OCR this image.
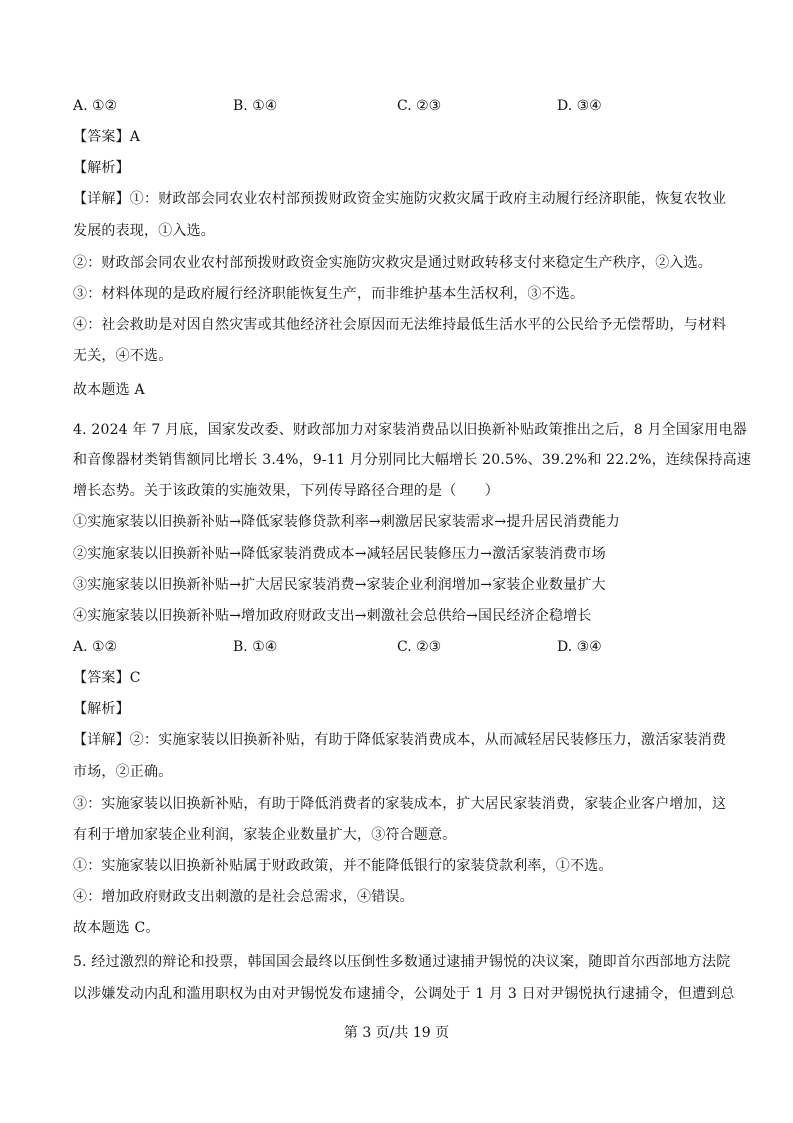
A. ①②	B. ①④	C. ②③	D. ③④
【答案】A
【解析】
【详解】①：财政部会同农业农村部预拨财政资金实施防灾救灾属于政府主动履行经济职能，恢复农牧业
发展的表现，①入选。
②：财政部会同农业农村部预拨财政资金实施防灾救灾是通过财政转移支付来稳定生产秩序，②入选。
③：材料体现的是政府履行经济职能恢复生产，而非维护基本生活权利，③不选。
④：社会救助是对因自然灾害或其他经济社会原因而无法维持最低生活水平的公民给予无偿帮助，与材料
无关，④不选。
故本题选 A
4. 2024 年 7 月底，国家发改委、财政部加力对家装消费品以旧换新补贴政策推出之后，8 月全国家用电器
和音像器材类销售额同比增长 3.4%，9-11 月分别同比大幅增长 20.5%、39.2%和 22.2%，连续保持高速
增长态势。关于该政策的实施效果，下列传导路径合理的是（　　）
①实施家装以旧换新补贴→降低家装修贷款利率→刺激居民家装需求→提升居民消费能力
②实施家装以旧换新补贴→降低家装消费成本→减轻居民装修压力→激活家装消费市场
③实施家装以旧换新补贴→扩大居民家装消费→家装企业利润增加→家装企业数量扩大
④实施家装以旧换新补贴→增加政府财政支出→刺激社会总供给→国民经济企稳增长
A. ①②	B. ①④	C. ②③	D. ③④
【答案】C
【解析】
【详解】②：实施家装以旧换新补贴，有助于降低家装消费成本，从而减轻居民装修压力，激活家装消费
市场，②正确。
③：实施家装以旧换新补贴，有助于降低消费者的家装成本，扩大居民家装消费，家装企业客户增加，这
有利于增加家装企业利润，家装企业数量扩大，③符合题意。
①：实施家装以旧换新补贴属于财政政策，并不能降低银行的家装贷款利率，①不选。
④：增加政府财政支出刺激的是社会总需求，④错误。
故本题选 C。
5. 经过激烈的辩论和投票，韩国国会最终以压倒性多数通过逮捕尹锡悦的决议案，随即首尔西部地方法院
以涉嫌发动内乱和滥用职权为由对尹锡悦发布逮捕令，公调处于 1 月 3 日对尹锡悦执行逮捕令，但遭到总
第 3 页/共 19 页
